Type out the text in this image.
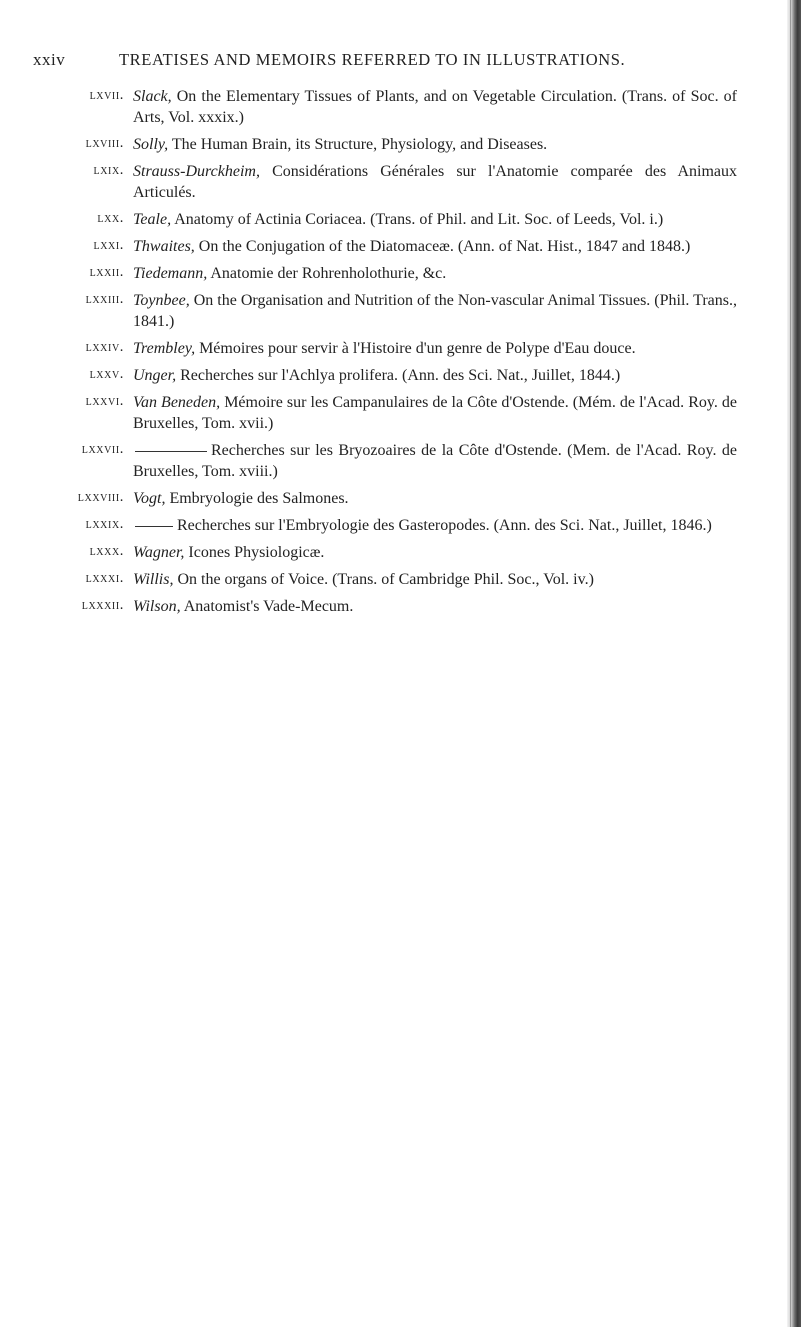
xxiv	TREATISES AND MEMOIRS REFERRED TO IN ILLUSTRATIONS.
lxvii. Slack, On the Elementary Tissues of Plants, and on Vegetable Circulation. (Trans. of Soc. of Arts, Vol. xxxix.)
lxviii. Solly, The Human Brain, its Structure, Physiology, and Diseases.
lxix. Strauss-Durckheim, Considérations Générales sur l'Anatomie comparée des Animaux Articulés.
lxx. Teale, Anatomy of Actinia Coriacea. (Trans. of Phil. and Lit. Soc. of Leeds, Vol. i.)
lxxi. Thwaites, On the Conjugation of the Diatomaceæ. (Ann. of Nat. Hist., 1847 and 1848.)
lxxii. Tiedemann, Anatomie der Rohrenholothurie, &c.
lxxiii. Toynbee, On the Organisation and Nutrition of the Non-vascular Animal Tissues. (Phil. Trans., 1841.)
lxxiv. Trembley, Mémoires pour servir à l'Histoire d'un genre de Polype d'Eau douce.
lxxv. Unger, Recherches sur l'Achlya prolifera. (Ann. des Sci. Nat., Juillet, 1844.)
lxxvi. Van Beneden, Mémoire sur les Campanulaires de la Côte d'Ostende. (Mém. de l'Acad. Roy. de Bruxelles, Tom. xvii.)
lxxvii.	Recherches sur les Bryozoaires de la Côte d'Ostende. (Mem. de l'Acad. Roy. de Bruxelles, Tom. xviii.)
lxxviii. Vogt, Embryologie des Salmones.
lxxix.	Recherches sur l'Embryologie des Gasteropodes. (Ann. des Sci. Nat., Juillet, 1846.)
lxxx. Wagner, Icones Physiologicæ.
lxxxi. Willis, On the organs of Voice. (Trans. of Cambridge Phil. Soc., Vol. iv.)
lxxxii. Wilson, Anatomist's Vade-Mecum.
